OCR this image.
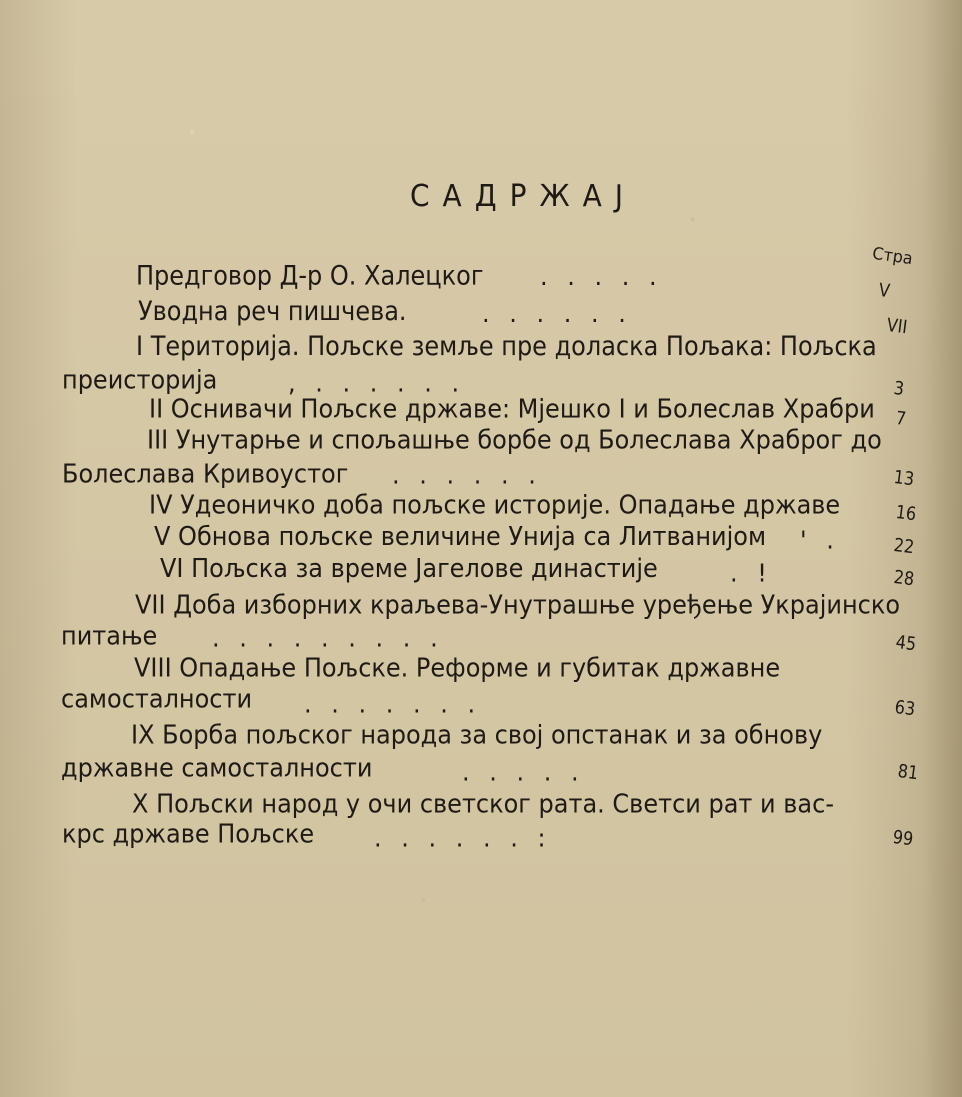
САДРЖАЈ
Стра
Предговор Д-р О. Халецког . . . . .	V
Уводна реч пишчева.	. . . . . .	VII
I Територија. Пољске земље пре доласка Пољака: Пољска
преисторија	, . . . . . .	3
II Оснивачи Пољске државе: Мјешко I и Болеслав Храбри 7
III Унутарње и спољашње борбе од Болеслава Храброг до
Болеслава Кривоустог . . . . . .	13
IV Удеоничко доба пољске историје. Опадање државе	16
V Обнова пољске величине Унија са Литванијом ' .	22
VI Пољска за време Јагелове династије	. !	28
VII Доба изборних краљева-Унутрашње уређење Украјинско
питање . . . . . . . . .	45
VIII Опадање Пољске. Реформе и губитак државне
самосталности . . . . . . .	63
IX Борба пољског народа за свој опстанак и за обнову
државне самосталности	. . . . .	81
X Пољски народ у очи светског рата. Светси рат и вас-
крс државе Пољске . . . . . . :	99
